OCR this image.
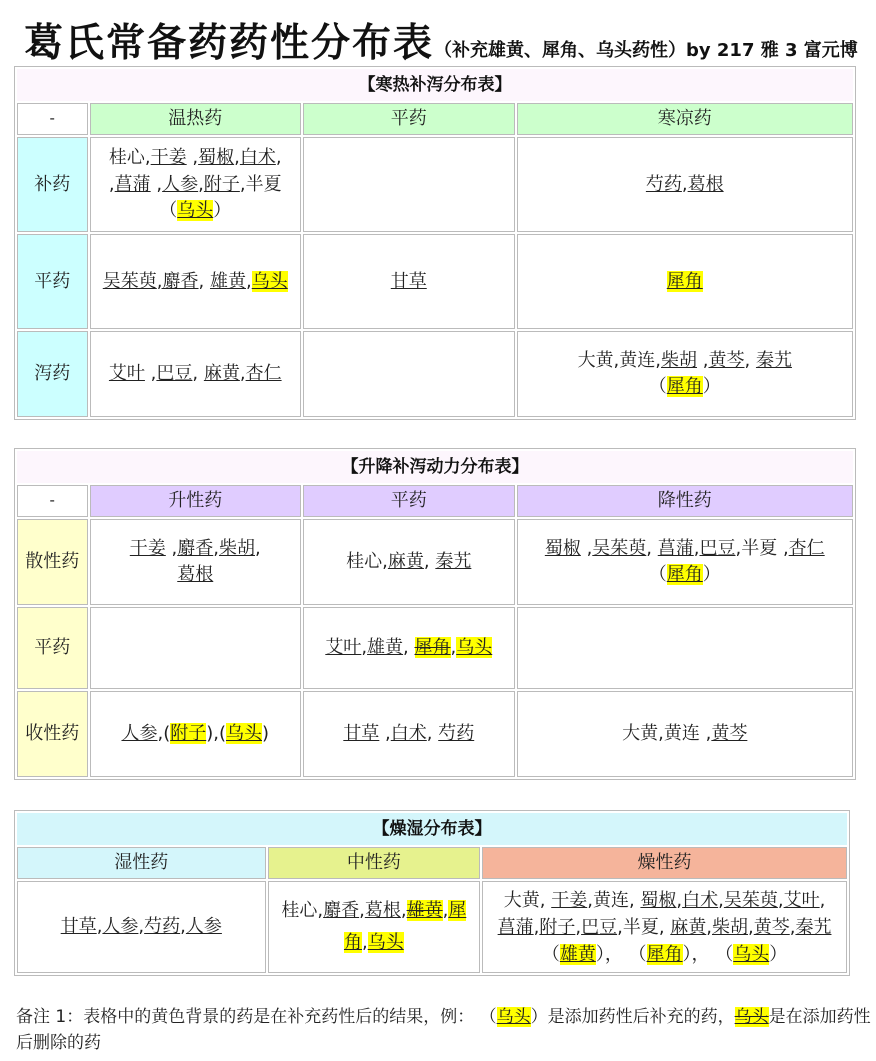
葛氏常备药药性分布表（补充雄黄、犀角、乌头药性）by 217 雅 3 富元博
【寒热补泻分布表】			
-	温热药	平药	寒凉药
补药	桂心,干姜 ,蜀椒,白术,
,菖蒲 ,人参,附子,半夏
（乌头）		芍药,葛根
平药	吴茱萸,麝香, 雄黄,乌头	甘草	犀角
泻药	艾叶 ,巴豆, 麻黄,杏仁		大黄,黄连,柴胡 ,黄芩, 秦艽
（犀角）
【升降补泻动力分布表】			
-	升性药	平药	降性药
散性药	干姜 ,麝香,柴胡,
葛根	桂心,麻黄, 秦艽	蜀椒 ,吴茱萸, 菖蒲,巴豆,半夏 ,杏仁
（犀角）
平药		艾叶,雄黄, 犀角,乌头	
收性药	人参,(附子),(乌头)	甘草 ,白术, 芍药	大黄,黄连 ,黄芩
【燥湿分布表】		
湿性药	中性药	燥性药
甘草,人参,芍药,人参	桂心,麝香,葛根,雄黄,犀角,乌头	大黄, 干姜,黄连, 蜀椒,白术,吴茱萸,艾叶,
菖蒲,附子,巴豆,半夏, 麻黄,柴胡,黄芩,秦艽
（雄黄）， （犀角）， （乌头）
备注 1：表格中的黄色背景的药是在补充药性后的结果，例： （乌头）是添加药性后补充的药，乌头是在添加药性后删除的药
